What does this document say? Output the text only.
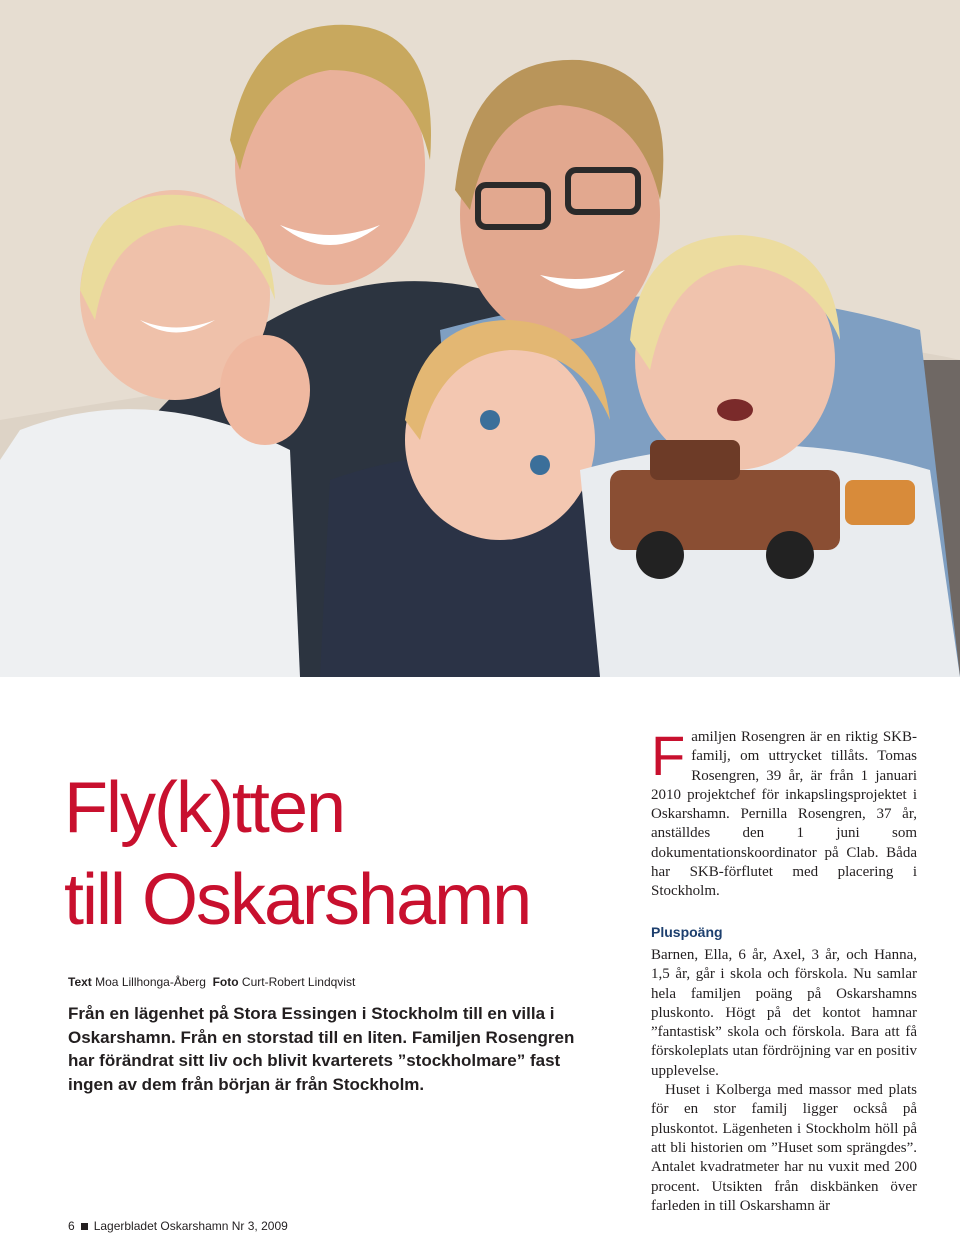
Fly(k)tten
till Oskarshamn
Text Moa Lillhonga-Åberg Foto Curt-Robert Lindqvist

Från en lägenhet på Stora Essingen i Stockholm till en villa i Oskarshamn. Från en storstad till en liten. Familjen Rosengren har förändrat sitt liv och blivit kvarterets ”stockholmare” fast ingen av dem från början är från Stockholm.

F amiljen Rosengren är en riktig SKB-familj, om uttrycket tillåts. Tomas Rosengren, 39 år, är från 1 januari 2010 projektchef för inkapslingsprojektet i Oskarshamn. Pernilla Rosengren, 37 år, anställdes den 1 juni som dokumentationskoordinator på Clab. Båda har SKB-förflutet med placering i Stockholm.

Pluspoäng

Barnen, Ella, 6 år, Axel, 3 år, och Hanna, 1,5 år, går i skola och förskola. Nu samlar hela familjen poäng på Oskarshamns pluskonto. Högt på det kontot hamnar ”fantastisk” skola och förskola. Bara att få förskoleplats utan fördröjning var en positiv upplevelse.

Huset i Kolberga med massor med plats för en stor familj ligger också på pluskontot. Lägenheten i Stockholm höll på att bli historien om ”Huset som sprängdes”. Antalet kvadratmeter har nu vuxit med 200 procent. Utsikten från diskbänken över farleden in till Oskarshamn är

6 Lagerbladet Oskarshamn Nr 3, 2009
